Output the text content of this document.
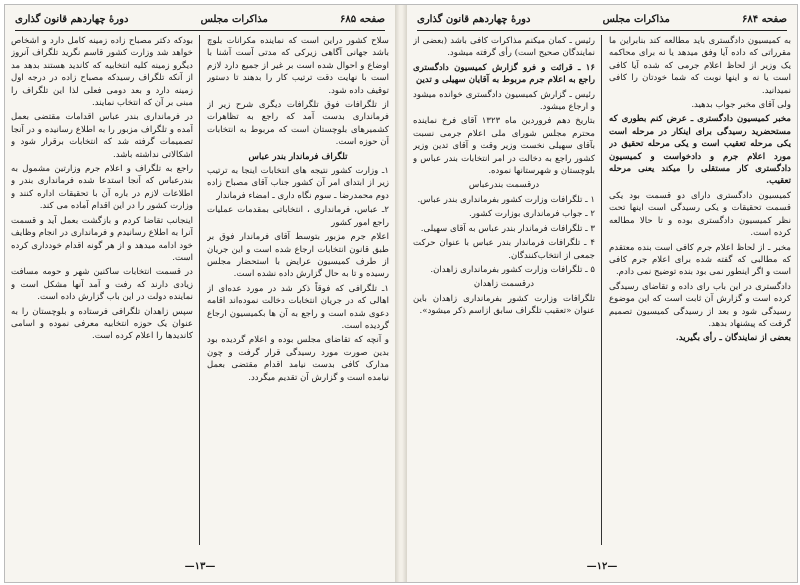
صفحه ۶۸۵
مذاکرات مجلس
دورهٔ چهاردهم قانون گذاری

سلاح کشور دراین است که نماینده مکرانات بلوچ باشد جهانی آگاهی زیرکی که مدتی آست آشنا با اوضاع و احوال شده است بر غیر از جمیع دارد لازم است با نهایت دقت ترتیب کار را بدهند تا دستور توقیف داده شود.

از تلگرافات فوق تلگرافات دیگری شرح زیر از فرمانداری بدست آمد که راجع به تظاهرات کشمیرهای بلوچستان است که مربوط به انتخابات آن حوزه است.

تلگراف فرماندار بندر عباس

۱ـ وزارت کشور نتیجه های انتخابات اینجا به ترتیب زیر از ابتدای امر آن کشور جناب آقای مصباح زاده دوم محمدرضا ـ سوم نگاه داری ـ امضاء فرماندار

۲ـ عباس، فرمانداری ، انتخاباتی بمقدمات عملیات راجع امور کشور

اعلام جرم مزبور بتوسط آقای فرماندار فوق بر طبق قانون انتخابات ارجاع شده است و این جریان از طرف کمیسیون عرایض با استحضار مجلس رسیده و تا به حال گزارش داده نشده است.

۱ـ تلگرافی که فوقاً ذکر شد در مورد عده‌ای از اهالی که در جریان انتخابات دخالت نموده‌اند اقامه دعوی شده است و راجع به آن ها بکمیسیون ارجاع گردیده است.

و آنچه که تقاضای مجلس بوده و اعلام گردیده بود بدین صورت مورد رسیدگی قرار گرفت و چون مدارک کافی بدست نیامد اقدام مقتضی بعمل نیامده است و گزارش آن تقدیم میگردد.

بودکه دکتر مصباح زاده زمینه کامل دارد و اشخاص خواهد شد وزارت کشور قاسم نگرید تلگراف آنروز دیگرو زمینه کلیه انتخابیه که کاندید هستند بدهد مد از آنکه تلگراف رسیدکه مصباح زاده در درجه اول زمینه دارد و بعد دومی فعلی لذا این تلگراف را مبنی بر آن که انتخاب نمایند.

در فرمانداری بندر عباس اقدامات مقتضی بعمل آمده و تلگراف مزبور را به اطلاع رسانیده و در آنجا تصمیمات گرفته شد که انتخابات برقرار شود و اشکالاتی نداشته باشد.

راجع به تلگراف و اعلام جرم وزارتین مشمول به بندرعباس که آنجا استدعا شده فرمانداری بندر و اطلاعات لازم در باره آن با تحقیقات اداره کنند و وزارت کشور را در این اقدام آماده می کند.

اینجانب تقاضا کردم و بازگشت بعمل آید و قسمت آنرا به اطلاع رسانیدم و فرمانداری در انجام وظایف خود ادامه میدهد و از هر گونه اقدام خودداری کرده است.

در قسمت انتخابات ساکنین شهر و حومه مسافت زیادی دارند که رفت و آمد آنها مشکل است و نماینده دولت در این باب گزارش داده است.

سپس زاهدان تلگرافی فرستاده و بلوچستان را به عنوان یک حوزه انتخابیه معرفی نموده و اسامی کاندیدها را اعلام کرده است.

—۱۳—
صفحه ۶۸۴
مذاکرات مجلس
دورهٔ چهاردهم قانون گذاری

به کمیسیون دادگستری باید مطالعه کند بنابراین ما مقرراتی که داده آیا وفق میدهد یا نه برای محاکمه یک وزیر از لحاظ اعلام جرمی که شده آیا کافی است یا نه و اینها نوبت که شما خودتان را کافی نمیدانید.

ولی آقای مخبر جواب بدهید.

مخبر کمیسیون دادگستری ـ عرض کنم بطوری که مستحضرید رسیدگی برای اینکار در مرحله است یکی مرحله تعقیب است و یکی مرحله تحقیق در مورد اعلام جرم و دادخواست و کمیسیون دادگستری کار مستقلی را میکند یعنی مرحله تعقیب.

کمیسیون دادگستری دارای دو قسمت بود یکی قسمت تحقیقات و یکی رسیدگی است اینها تحت نظر کمیسیون دادگستری بوده و تا حالا مطالعه کرده است.

مخبر ـ از لحاظ اعلام جرم کافی است بنده معتقدم که مطالبی که گفته شده برای اعلام جرم کافی است و اگر اینطور نمی بود بنده توضیح نمی دادم.

دادگستری در این باب رای داده و تقاضای رسیدگی کرده است و گزارش آن ثابت است که این موضوع رسیدگی شود و بعد از رسیدگی کمیسیون تصمیم گرفت که پیشنهاد بدهد.

بعضی از نمایندگان ـ رأی بگیرید.

رئیس ـ کمان میکنم مذاکرات کافی باشد (بعضی از نمایندگان صحیح است) رأی گرفته میشود.

۱۶ ـ قرائت و فرو گزارش کمیسیون دادگستری راجع به اعلام جرم مربوط به آقایان سهیلی و تدین

رئیس ـ گزارش کمیسیون دادگستری خوانده میشود و ارجاع میشود.

بتاریخ دهم فروردین ماه ۱۳۲۳ آقای فرخ نماینده محترم مجلس شورای ملی اعلام جرمی نسبت بآقای سهیلی نخست وزیر وقت و آقای تدین وزیر کشور راجع به دخالت در امر انتخابات بندر عباس و بلوچستان و شهرستانها نموده.

درقسمت بندرعباس

۱ ـ تلگرافات وزارت کشور بفرمانداری بندر عباس.

۲ ـ جواب فرمانداری بوزارت کشور.

۳ ـ تلگرافات فرماندار بندر عباس به آقای سهیلی.

۴ ـ تلگرافات فرماندار بندر عباس با عنوان حرکت جمعی از انتخاب‌کنندگان.

۵ ـ تلگرافات وزارت کشور بفرمانداری زاهدان.

درقسمت زاهدان

تلگرافات وزارت کشور بفرمانداری زاهدان باین عنوان «تعقیب تلگراف سابق ازاسم ذکر میشود».

—۱۲—
